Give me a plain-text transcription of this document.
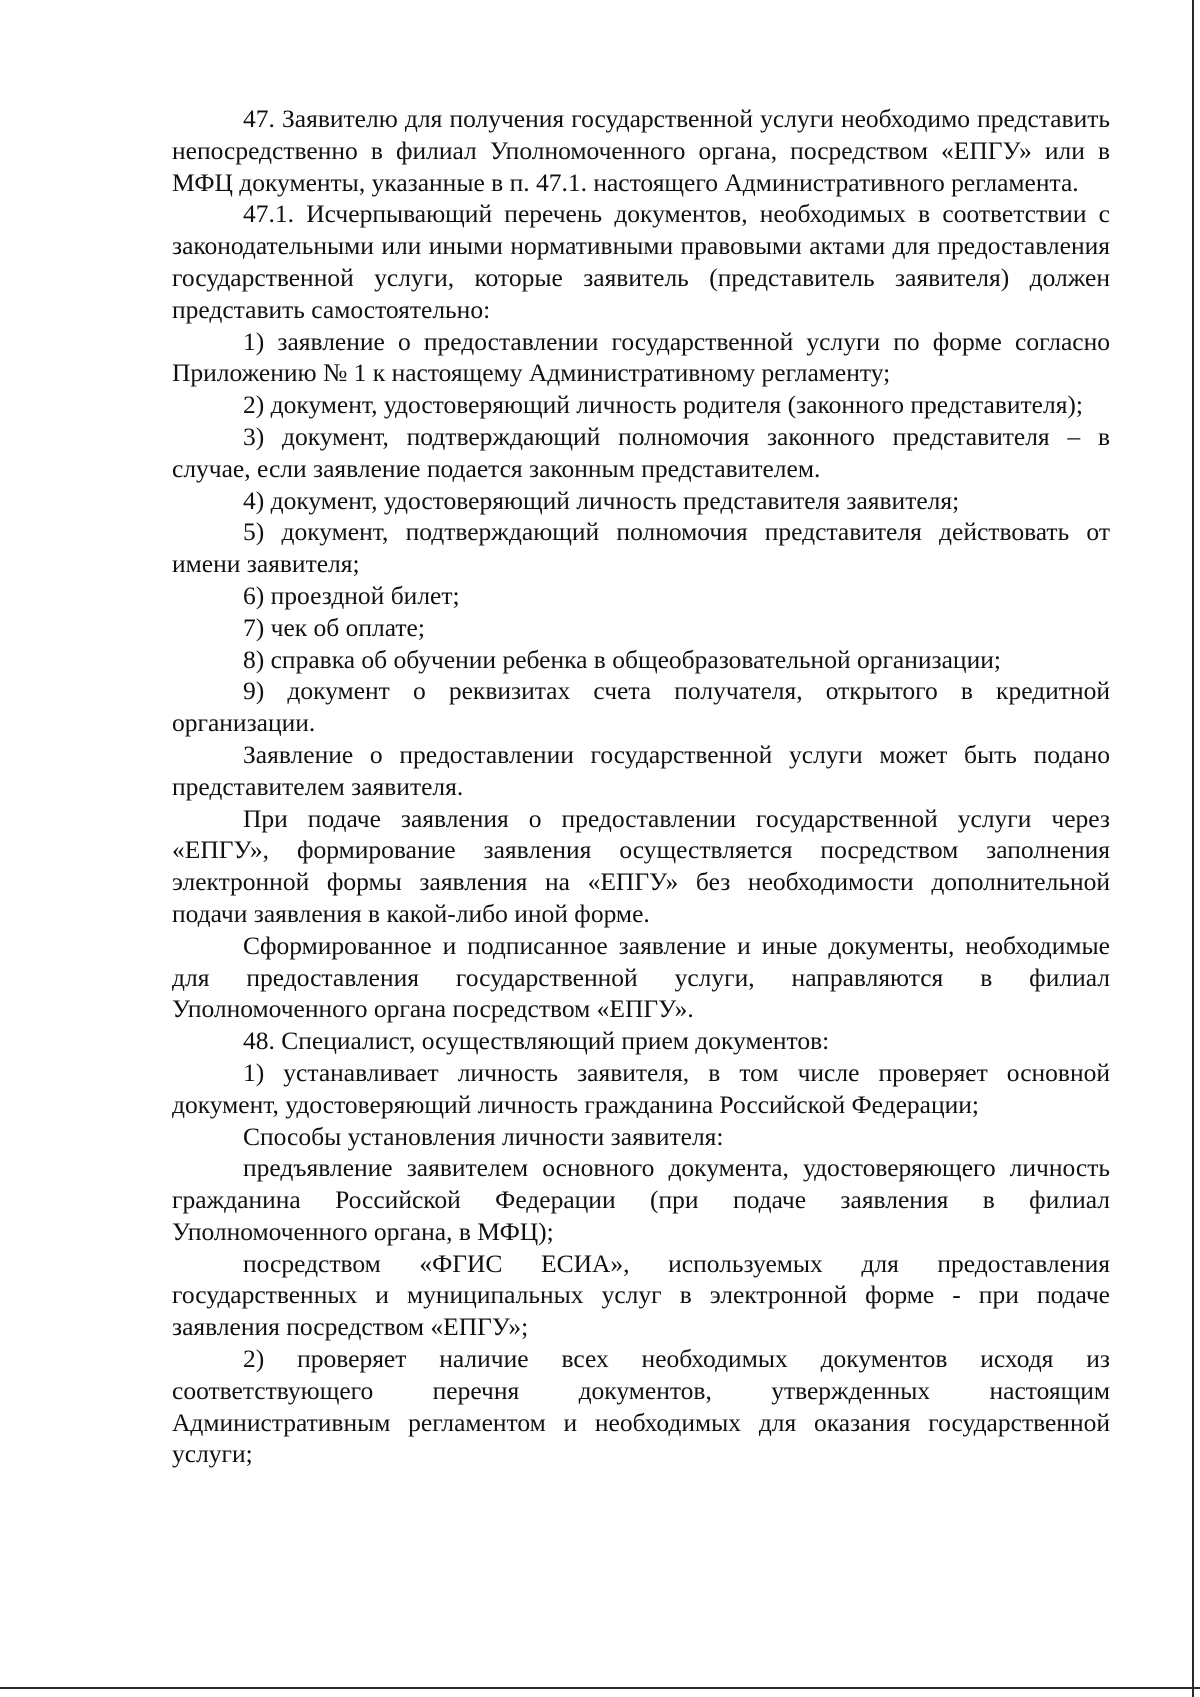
47. Заявителю для получения государственной услуги необходимо представить непосредственно в филиал Уполномоченного органа, посредством «ЕПГУ» или в МФЦ документы, указанные в п. 47.1. настоящего Административного регламента.

47.1. Исчерпывающий перечень документов, необходимых в соответствии с законодательными или иными нормативными правовыми актами для предоставления государственной услуги, которые заявитель (представитель заявителя) должен представить самостоятельно:

1) заявление о предоставлении государственной услуги по форме согласно Приложению № 1 к настоящему Административному регламенту;

2) документ, удостоверяющий личность родителя (законного представителя);

3) документ, подтверждающий полномочия законного представителя – в случае, если заявление подается законным представителем.

4) документ, удостоверяющий личность представителя заявителя;

5) документ, подтверждающий полномочия представителя действовать от имени заявителя;

6) проездной билет;

7) чек об оплате;

8) справка об обучении ребенка в общеобразовательной организации;

9) документ о реквизитах счета получателя, открытого в кредитной организации.

Заявление о предоставлении государственной услуги может быть подано представителем заявителя.

При подаче заявления о предоставлении государственной услуги через «ЕПГУ», формирование заявления осуществляется посредством заполнения электронной формы заявления на «ЕПГУ» без необходимости дополнительной подачи заявления в какой-либо иной форме.

Сформированное и подписанное заявление и иные документы, необходимые для предоставления государственной услуги, направляются в филиал Уполномоченного органа посредством «ЕПГУ».

48. Специалист, осуществляющий прием документов:

1) устанавливает личность заявителя, в том числе проверяет основной документ, удостоверяющий личность гражданина Российской Федерации;

Способы установления личности заявителя:

предъявление заявителем основного документа, удостоверяющего личность гражданина Российской Федерации (при подаче заявления в филиал Уполномоченного органа, в МФЦ);

посредством «ФГИС ЕСИА», используемых для предоставления государственных и муниципальных услуг в электронной форме - при подаче заявления посредством «ЕПГУ»;

2) проверяет наличие всех необходимых документов исходя из соответствующего перечня документов, утвержденных настоящим Административным регламентом и необходимых для оказания государственной услуги;
